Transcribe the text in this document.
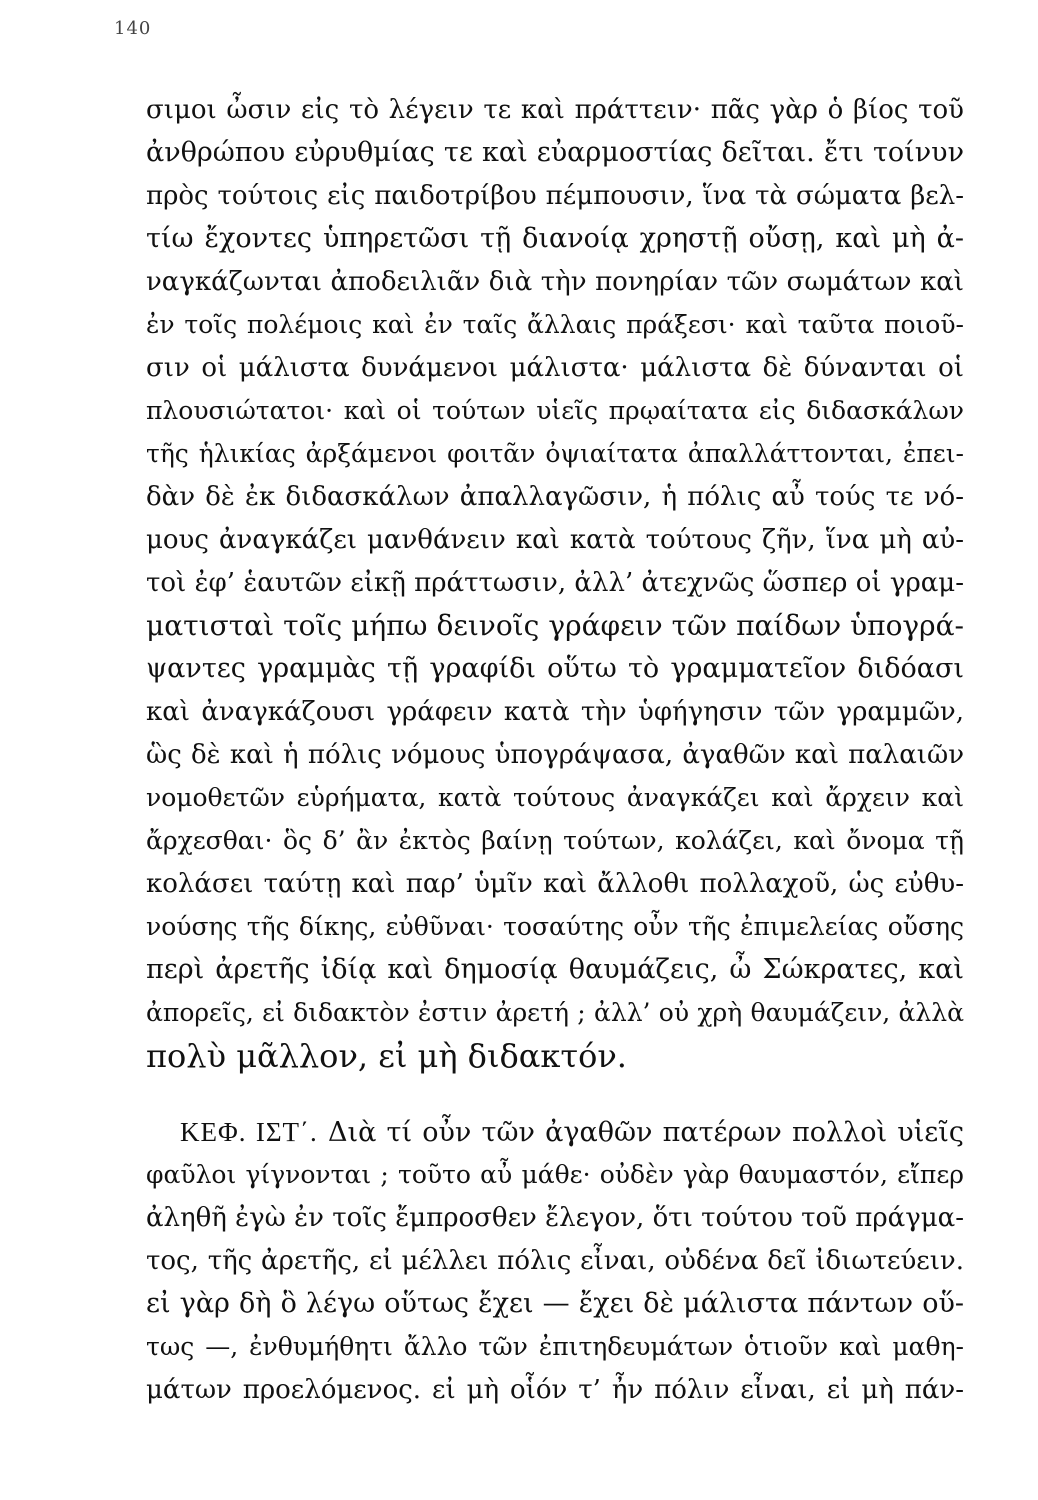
140
σιμοι ὦσιν εἰς τὸ λέγειν τε καὶ πράττειν· πᾶς γὰρ ὁ βίος τοῦ
ἀνθρώπου εὐρυθμίας τε καὶ εὐαρμοστίας δεῖται. ἔτι τοίνυν
πρὸς τούτοις εἰς παιδοτρίβου πέμπουσιν, ἵνα τὰ σώματα βελ-
τίω ἔχοντες ὑπηρετῶσι τῇ διανοίᾳ χρηστῇ οὔσῃ, καὶ μὴ ἀ-
ναγκάζωνται ἀποδειλιᾶν διὰ τὴν πονηρίαν τῶν σωμάτων καὶ
ἐν τοῖς πολέμοις καὶ ἐν ταῖς ἄλλαις πράξεσι· καὶ ταῦτα ποιοῦ-
σιν οἱ μάλιστα δυνάμενοι μάλιστα· μάλιστα δὲ δύνανται οἱ
πλουσιώτατοι· καὶ οἱ τούτων υἱεῖς πρῳαίτατα εἰς διδασκάλων
τῆς ἡλικίας ἀρξάμενοι φοιτᾶν ὀψιαίτατα ἀπαλλάττονται, ἐπει-
δὰν δὲ ἐκ διδασκάλων ἀπαλλαγῶσιν, ἡ πόλις αὖ τούς τε νό-
μους ἀναγκάζει μανθάνειν καὶ κατὰ τούτους ζῆν, ἵνα μὴ αὐ-
τοὶ ἐφ’ ἑαυτῶν εἰκῇ πράττωσιν, ἀλλ’ ἀτεχνῶς ὥσπερ οἱ γραμ-
ματισταὶ τοῖς μήπω δεινοῖς γράφειν τῶν παίδων ὑπογρά-
ψαντες γραμμὰς τῇ γραφίδι οὕτω τὸ γραμματεῖον διδόασι
καὶ ἀναγκάζουσι γράφειν κατὰ τὴν ὑφήγησιν τῶν γραμμῶν,
ὣς δὲ καὶ ἡ πόλις νόμους ὑπογράψασα, ἀγαθῶν καὶ παλαιῶν
νομοθετῶν εὑρήματα, κατὰ τούτους ἀναγκάζει καὶ ἄρχειν καὶ
ἄρχεσθαι· ὃς δ’ ἂν ἐκτὸς βαίνῃ τούτων, κολάζει, καὶ ὄνομα τῇ
κολάσει ταύτῃ καὶ παρ’ ὑμῖν καὶ ἄλλοθι πολλαχοῦ, ὡς εὐθυ-
νούσης τῆς δίκης, εὐθῦναι· τοσαύτης οὖν τῆς ἐπιμελείας οὔσης
περὶ ἀρετῆς ἰδίᾳ καὶ δημοσίᾳ θαυμάζεις, ὦ Σώκρατες, καὶ
ἀπορεῖς, εἰ διδακτὸν ἐστιν ἀρετή ; ἀλλ’ οὐ χρὴ θαυμάζειν, ἀλλὰ
πολὺ μᾶλλον, εἰ μὴ διδακτόν.
ΚΕΦ. ΙΣΤ΄. Διὰ τί οὖν τῶν ἀγαθῶν πατέρων πολλοὶ υἱεῖς
φαῦλοι γίγνονται ; τοῦτο αὖ μάθε· οὐδὲν γὰρ θαυμαστόν, εἴπερ
ἀληθῆ ἐγὼ ἐν τοῖς ἔμπροσθεν ἔλεγον, ὅτι τούτου τοῦ πράγμα-
τος, τῆς ἀρετῆς, εἰ μέλλει πόλις εἶναι, οὐδένα δεῖ ἰδιωτεύειν.
εἰ γὰρ δὴ ὃ λέγω οὕτως ἔχει — ἔχει δὲ μάλιστα πάντων οὕ-
τως —, ἐνθυμήθητι ἄλλο τῶν ἐπιτηδευμάτων ὁτιοῦν καὶ μαθη-
μάτων προελόμενος. εἰ μὴ οἷόν τ’ ἦν πόλιν εἶναι, εἰ μὴ πάν-
